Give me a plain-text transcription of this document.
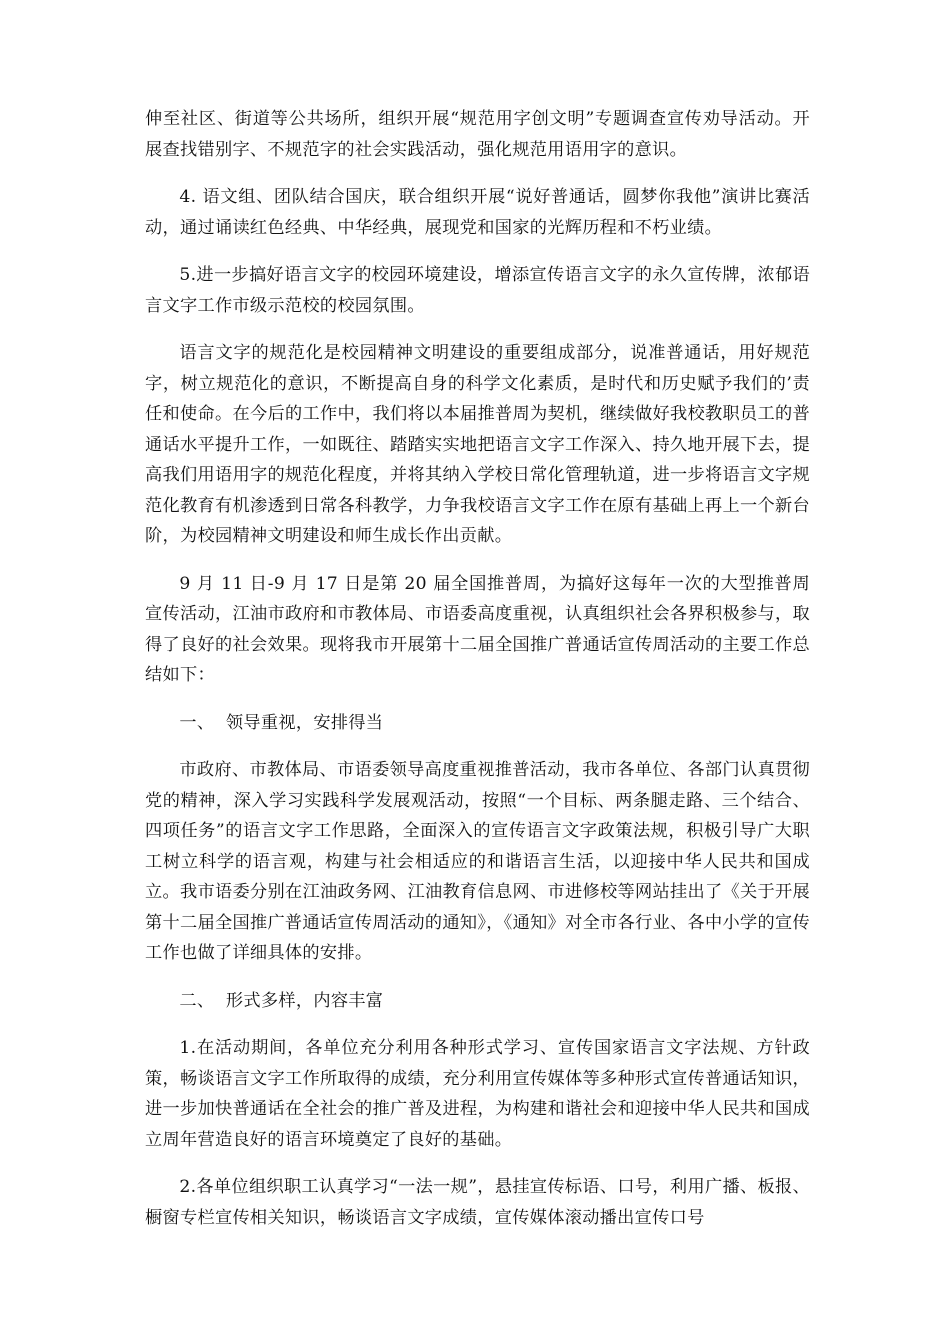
伸至社区、街道等公共场所，组织开展“规范用字创文明”专题调查宣传劝导活动。开展查找错别字、不规范字的社会实践活动，强化规范用语用字的意识。

4. 语文组、团队结合国庆，联合组织开展“说好普通话，圆梦你我他”演讲比赛活动，通过诵读红色经典、中华经典，展现党和国家的光辉历程和不朽业绩。

5.进一步搞好语言文字的校园环境建设，增添宣传语言文字的永久宣传牌，浓郁语言文字工作市级示范校的校园氛围。

语言文字的规范化是校园精神文明建设的重要组成部分，说准普通话，用好规范字，树立规范化的意识，不断提高自身的科学文化素质，是时代和历史赋予我们的’责任和使命。在今后的工作中，我们将以本届推普周为契机，继续做好我校教职员工的普通话水平提升工作，一如既往、踏踏实实地把语言文字工作深入、持久地开展下去，提高我们用语用字的规范化程度，并将其纳入学校日常化管理轨道，进一步将语言文字规范化教育有机渗透到日常各科教学，力争我校语言文字工作在原有基础上再上一个新台阶，为校园精神文明建设和师生成长作出贡献。

9 月 11 日-9 月 17 日是第 20 届全国推普周，为搞好这每年一次的大型推普周宣传活动，江油市政府和市教体局、市语委高度重视，认真组织社会各界积极参与，取得了良好的社会效果。现将我市开展第十二届全国推广普通话宣传周活动的主要工作总结如下：

一、  领导重视，安排得当

市政府、市教体局、市语委领导高度重视推普活动，我市各单位、各部门认真贯彻党的精神，深入学习实践科学发展观活动，按照“一个目标、两条腿走路、三个结合、四项任务”的语言文字工作思路，全面深入的宣传语言文字政策法规，积极引导广大职工树立科学的语言观，构建与社会相适应的和谐语言生活，以迎接中华人民共和国成立。我市语委分别在江油政务网、江油教育信息网、市进修校等网站挂出了《关于开展第十二届全国推广普通话宣传周活动的通知》，《通知》对全市各行业、各中小学的宣传工作也做了详细具体的安排。

二、  形式多样，内容丰富

1.在活动期间，各单位充分利用各种形式学习、宣传国家语言文字法规、方针政策，畅谈语言文字工作所取得的成绩，充分利用宣传媒体等多种形式宣传普通话知识，进一步加快普通话在全社会的推广普及进程，为构建和谐社会和迎接中华人民共和国成立周年营造良好的语言环境奠定了良好的基础。

2.各单位组织职工认真学习“一法一规”，悬挂宣传标语、口号，利用广播、板报、橱窗专栏宣传相关知识，畅谈语言文字成绩，宣传媒体滚动播出宣传口号
